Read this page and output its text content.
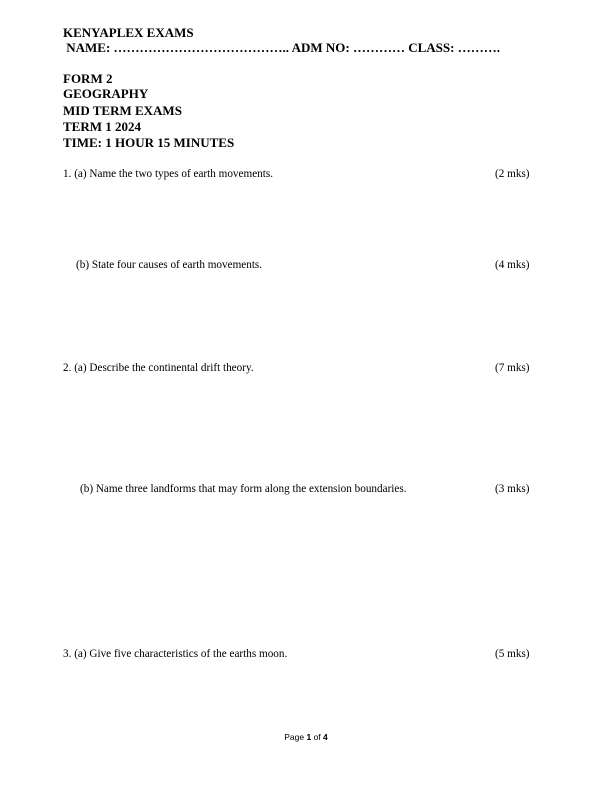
KENYAPLEX EXAMS
NAME: ………………………………….. ADM NO: ………… CLASS: ……….
FORM 2
GEOGRAPHY
MID TERM EXAMS
TERM 1 2024
TIME: 1 HOUR 15 MINUTES
1. (a) Name the two types of earth movements.	(2 mks)
(b) State four causes of earth movements.	(4 mks)
2. (a) Describe the continental drift theory.	(7 mks)
(b) Name three landforms that may form along the extension boundaries.	(3 mks)
3. (a) Give five characteristics of the earths moon.	(5 mks)
Page 1 of 4
